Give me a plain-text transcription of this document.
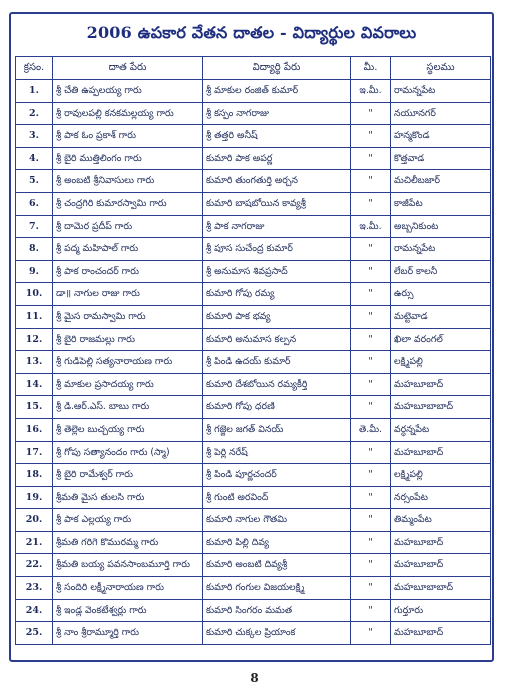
2006 ఉపకార వేతన దాతల - విద్యార్థుల వివరాలు
క్రసం.	దాత పేరు	విద్యార్థి పేరు	మీ.	స్థలము
1.	శ్రీ చేతి ఉప్పలయ్య గారు	శ్రీ మాకుల రంజిత్ కుమార్	ఇ.మీ.	రామన్నపేట
2.	శ్రీ రావులపల్లి కనకమల్లయ్య గారు	శ్రీ కస్పం నాగరాజు	"	నయూనగర్
3.	శ్రీ పాక ఓం ప్రకాశ్ గారు	శ్రీ తత్తరి అనీష్	"	హన్మకొండ
4.	శ్రీ బైరి ముత్తిలింగం గారు	కుమారి పాక అపర్ణ	"	కొత్తవాడ
5.	శ్రీ అంబటి శ్రీనివాసులు గారు	కుమారి తుంగతుర్తి అర్చన	"	మచిలీబజార్
6.	శ్రీ చంద్రగిరి కుమారస్వామి గారు	కుమారి బాషబోయిన కావ్యశ్రీ	"	కాజీపేట
7.	శ్రీ దామెర ప్రదీప్ గారు	శ్రీ పాక నాగరాజు	ఇ.మీ.	అబ్బనికుంట
8.	శ్రీ పద్మ మహిపాల్ గారు	శ్రీ పూస సుచేంద్ర కుమార్	"	రామన్నపేట
9.	శ్రీ పాక రాంచందర్ గారు	శ్రీ అనుమాస శివప్రసాద్	"	లేబర్ కాలనీ
10.	డా॥ నాగుల రాజు గారు	కుమారి గోపు రమ్య	"	ఉర్సు
11.	శ్రీ మైస రామస్వామి గారు	కుమారి పాక భవ్య	"	మట్టెవాడ
12.	శ్రీ బైరి రాజమల్లు గారు	కుమారి అనుమాస కల్పన	"	ఖిలా వరంగల్
13.	శ్రీ గుడిపెల్లి సత్యనారాయణ గారు	శ్రీ పిండి ఉదయ్ కుమార్	"	లక్ష్మిపల్లి
14.	శ్రీ మాకుల ప్రసాదయ్య గారు	కుమారి దేశబోయిన రమ్యకీర్తి	"	మహబూబాద్
15.	శ్రీ డి.ఆర్.ఎస్. బాబు గారు	కుమారి గోపు ధరణి	"	మహబూబాబాద్
16.	శ్రీ తెల్లెల బుచ్చయ్య గారు	శ్రీ గజ్జెల జగత్ వినయ్	తె.మీ.	వర్ధన్నపేట
17.	శ్రీ గోపు సత్యానందం గారు (స్మా)	శ్రీ పెర్లి నరేష్	"	మహబూబాద్
18.	శ్రీ బైరి రామేశ్వర్ గారు	శ్రీ పిండి పూర్ణచందర్	"	లక్ష్మిపల్లి
19.	శ్రీమతి మైస తులసి గారు	శ్రీ గుంటి అరవింద్	"	నర్సంపేట
20.	శ్రీ పాక ఎల్లయ్య గారు	కుమారి నాగుల గౌతమి	"	తిమ్మంపేట
21.	శ్రీమతి గరిగె కొమురమ్మ గారు	కుమారి పిల్లి దివ్య	"	మహబూబాద్
22.	శ్రీమతి బయ్య పవనసాంబమూర్తి గారు	కుమారి అంబటి దివ్యశ్రీ	"	మహబూబాద్
23.	శ్రీ సందిరి లక్ష్మీనారాయణ గారు	కుమారి గంగుల విజయలక్ష్మి	"	మహబూబాబాద్
24.	శ్రీ ఇండ్ల వెంకటేశ్వర్లు గారు	కుమారి సింగరం మమత	"	గుర్తూరు
25.	శ్రీ నాం శ్రీరామ్మూర్తి గారు	కుమారి చుక్కల ప్రియాంక	"	మహబూబాద్
8
